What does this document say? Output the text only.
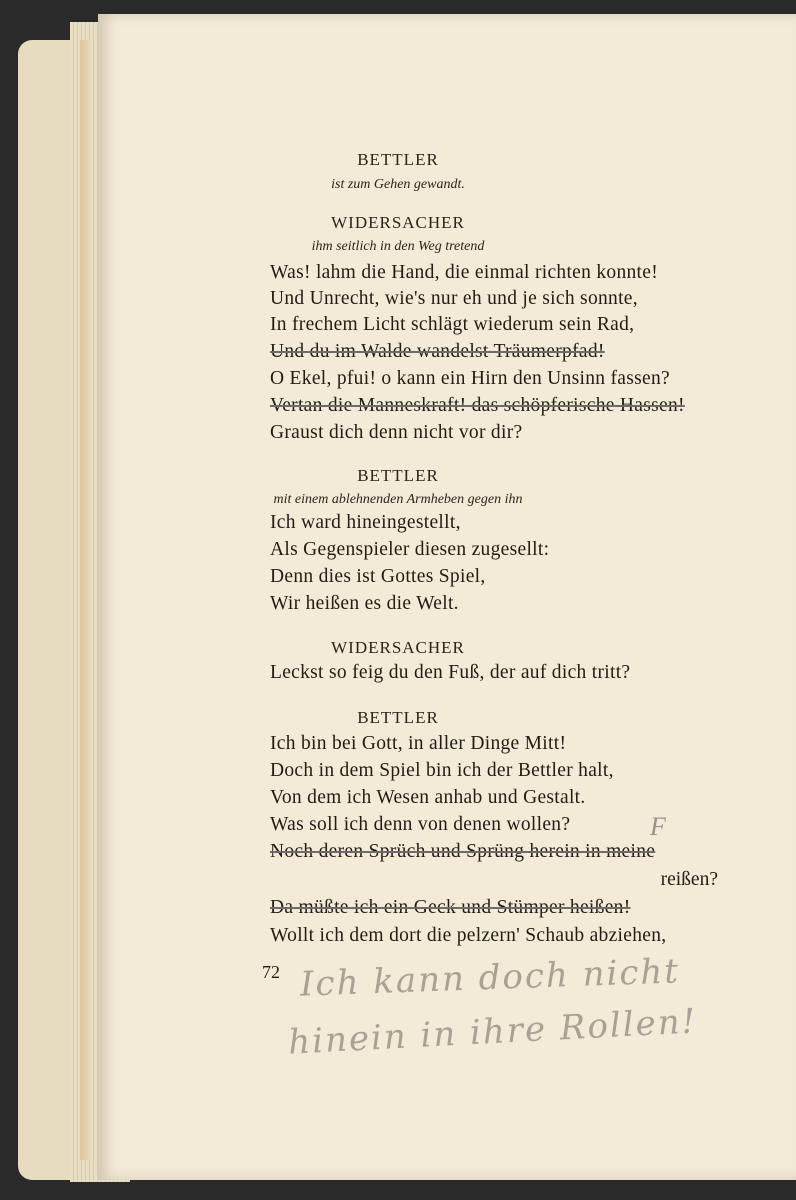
BETTLER
ist zum Gehen gewandt.
WIDERSACHER
ihm seitlich in den Weg tretend
Was! lahm die Hand, die einmal richten konnte!
Und Unrecht, wie's nur eh und je sich sonnte,
In frechem Licht schlägt wiederum sein Rad,
Und du im Walde wandelst Träumerpfad!
O Ekel, pfui! o kann ein Hirn den Unsinn fassen?
Vertan die Manneskraft! das schöpferische Hassen!
Graust dich denn nicht vor dir?
BETTLER
mit einem ablehnenden Armheben gegen ihn
Ich ward hineingestellt,
Als Gegenspieler diesen zugesellt:
Denn dies ist Gottes Spiel,
Wir heißen es die Welt.
WIDERSACHER
Leckst so feig du den Fuß, der auf dich tritt?
BETTLER
Ich bin bei Gott, in aller Dinge Mitt!
Doch in dem Spiel bin ich der Bettler halt,
Von dem ich Wesen anhab und Gestalt.
Was soll ich denn von denen wollen?
Noch deren Sprüch und Sprüng herein in meine
reißen?
Da müßte ich ein Geck und Stümper heißen!
Wollt ich dem dort die pelzern' Schaub abziehen,
F
72 Ich kann doch nicht
hinein in ihre Rollen!
